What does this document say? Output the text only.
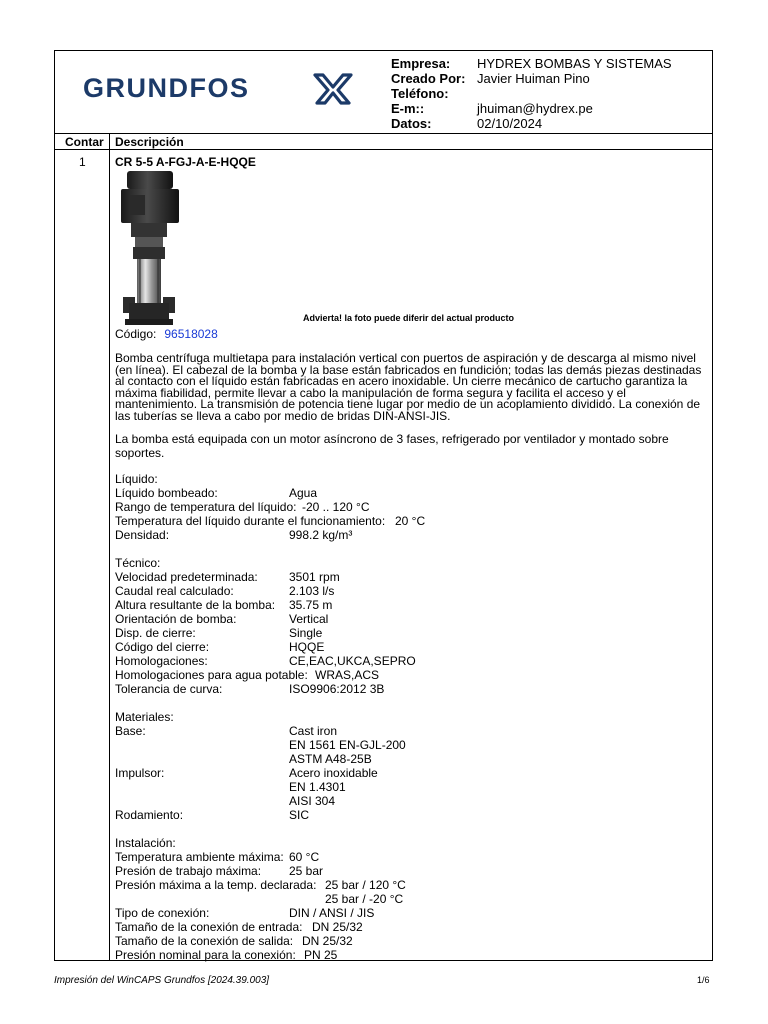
GRUNDFOS
Empresa:	HYDREX BOMBAS Y SISTEMAS
Creado Por: Javier Huiman Pino
Teléfono:
E-m::	jhuiman@hydrex.pe
Datos:	02/10/2024
Contar Descripción
1 CR 5-5 A-FGJ-A-E-HQQE
Advierta! la foto puede diferir del actual producto
Código: 96518028
Bomba centrífuga multietapa para instalación vertical con puertos de aspiración y de descarga al mismo nivel (en línea). El cabezal de la bomba y la base están fabricados en fundición; todas las demás piezas destinadas al contacto con el líquido están fabricadas en acero inoxidable. Un cierre mecánico de cartucho garantiza la máxima fiabilidad, permite llevar a cabo la manipulación de forma segura y facilita el acceso y el mantenimiento. La transmisión de potencia tiene lugar por medio de un acoplamiento dividido. La conexión de las tuberías se lleva a cabo por medio de bridas DIN-ANSI-JIS.
La bomba está equipada con un motor asíncrono de 3 fases, refrigerado por ventilador y montado sobre soportes.
Líquido:
Líquido bombeado:	Agua
Rango de temperatura del líquido: -20 .. 120 °C
Temperatura del líquido durante el funcionamiento: 20 °C
Densidad:	998.2 kg/m³
Técnico:
Velocidad predeterminada:	3501 rpm
Caudal real calculado:	2.103 l/s
Altura resultante de la bomba: 35.75 m
Orientación de bomba:	Vertical
Disp. de cierre:	Single
Código del cierre:	HQQE
Homologaciones:	CE,EAC,UKCA,SEPRO
Homologaciones para agua potable: WRAS,ACS
Tolerancia de curva:	ISO9906:2012 3B
Materiales:
Base:	Cast iron
EN 1561 EN-GJL-200
ASTM A48-25B
Impulsor:	Acero inoxidable
EN 1.4301
AISI 304
Rodamiento:	SIC
Instalación:
Temperatura ambiente máxima: 60 °C
Presión de trabajo máxima: 25 bar
Presión máxima a la temp. declarada: 25 bar / 120 °C
25 bar / -20 °C
Tipo de conexión:	DIN / ANSI / JIS
Tamaño de la conexión de entrada: DN 25/32
Tamaño de la conexión de salida: DN 25/32
Presión nominal para la conexión: PN 25
Impresión del WinCAPS Grundfos [2024.39.003]	1/6
